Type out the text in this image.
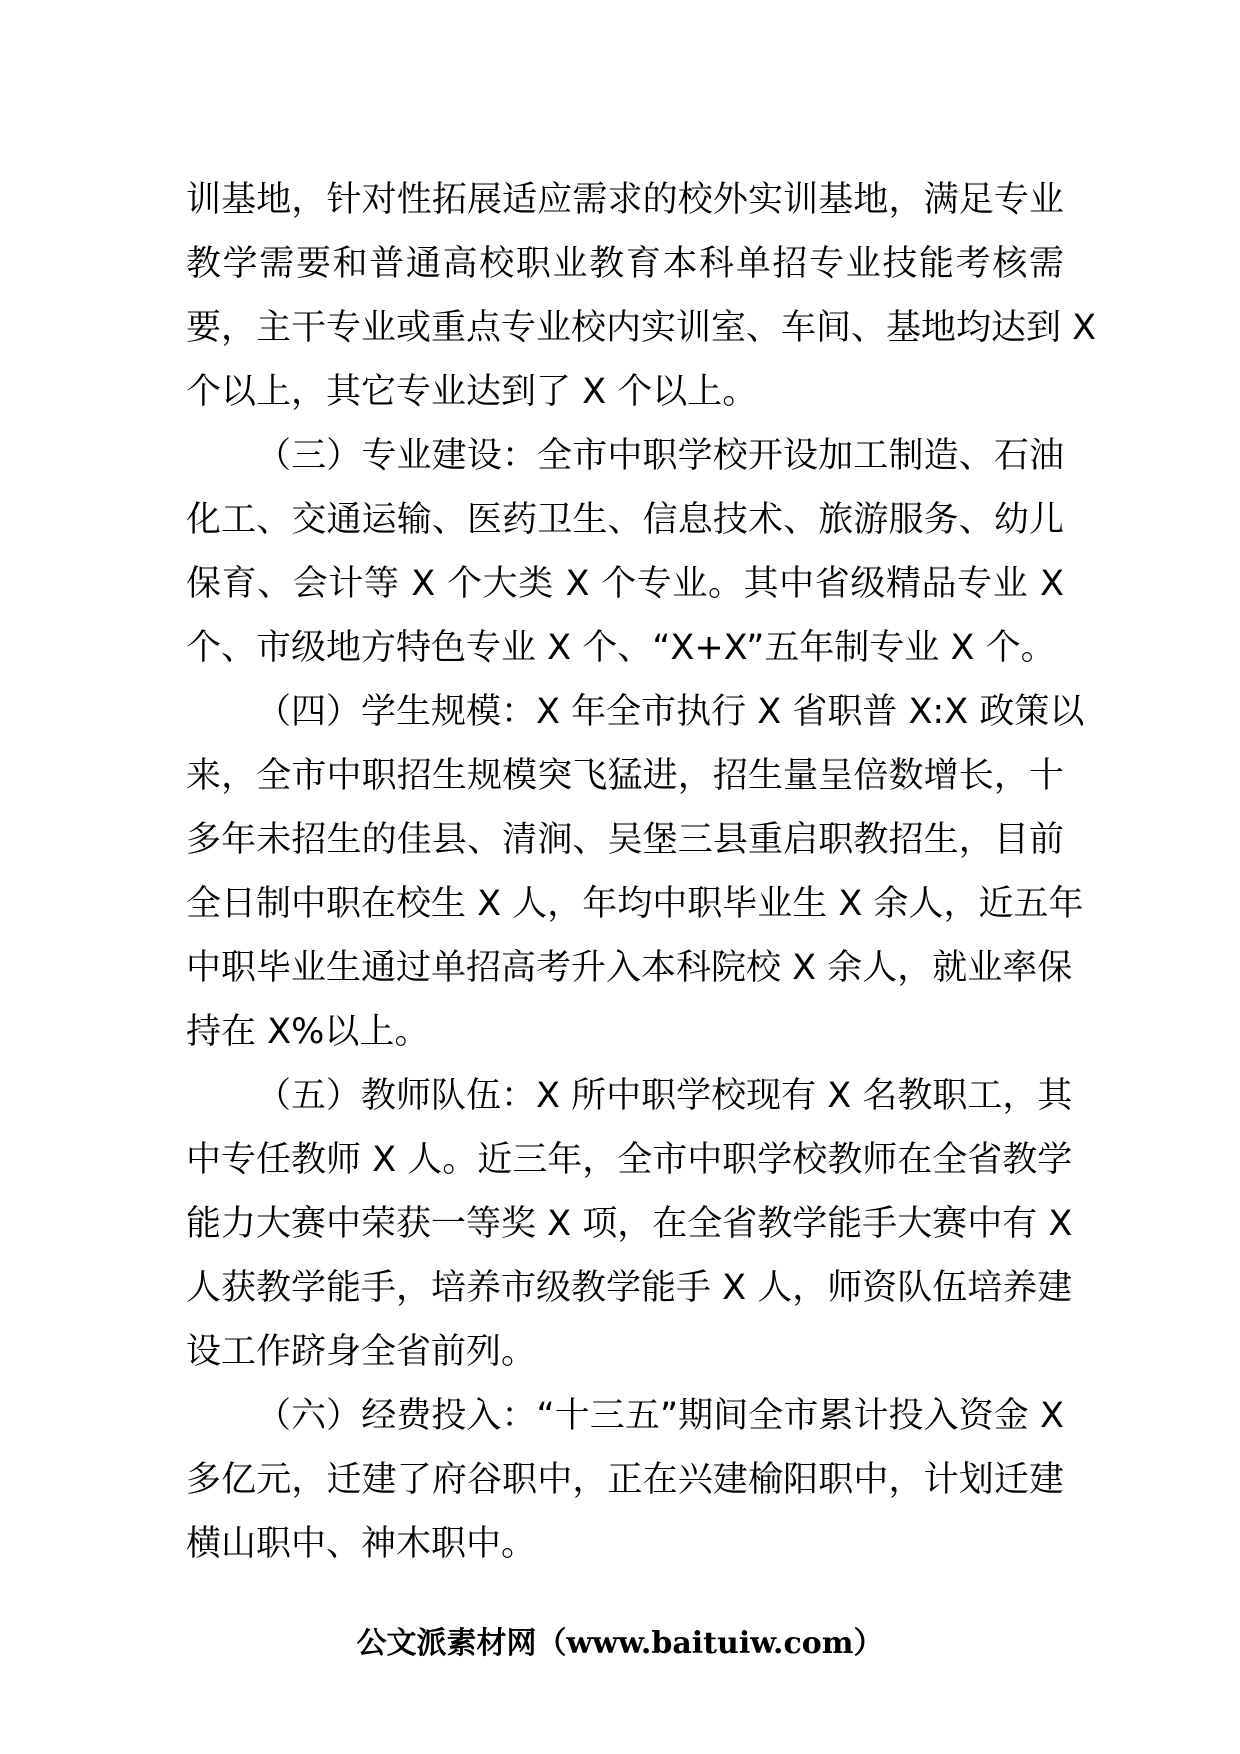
训基地，针对性拓展适应需求的校外实训基地，满足专业
教学需要和普通高校职业教育本科单招专业技能考核需
要，主干专业或重点专业校内实训室、车间、基地均达到 X
个以上，其它专业达到了 X 个以上。
（三）专业建设：全市中职学校开设加工制造、石油
化工、交通运输、医药卫生、信息技术、旅游服务、幼儿
保育、会计等 X 个大类 X 个专业。其中省级精品专业 X
个、市级地方特色专业 X 个、“X+X”五年制专业 X 个。
（四）学生规模：X 年全市执行 X 省职普 X:X 政策以
来，全市中职招生规模突飞猛进，招生量呈倍数增长，十
多年未招生的佳县、清涧、吴堡三县重启职教招生，目前
全日制中职在校生 X 人，年均中职毕业生 X 余人，近五年
中职毕业生通过单招高考升入本科院校 X 余人，就业率保
持在 X%以上。
（五）教师队伍：X 所中职学校现有 X 名教职工，其
中专任教师 X 人。近三年，全市中职学校教师在全省教学
能力大赛中荣获一等奖 X 项，在全省教学能手大赛中有 X
人获教学能手，培养市级教学能手 X 人，师资队伍培养建
设工作跻身全省前列。
（六）经费投入：“十三五”期间全市累计投入资金 X
多亿元，迁建了府谷职中，正在兴建榆阳职中，计划迁建
横山职中、神木职中。
公文派素材网（www.baituiw.com）
